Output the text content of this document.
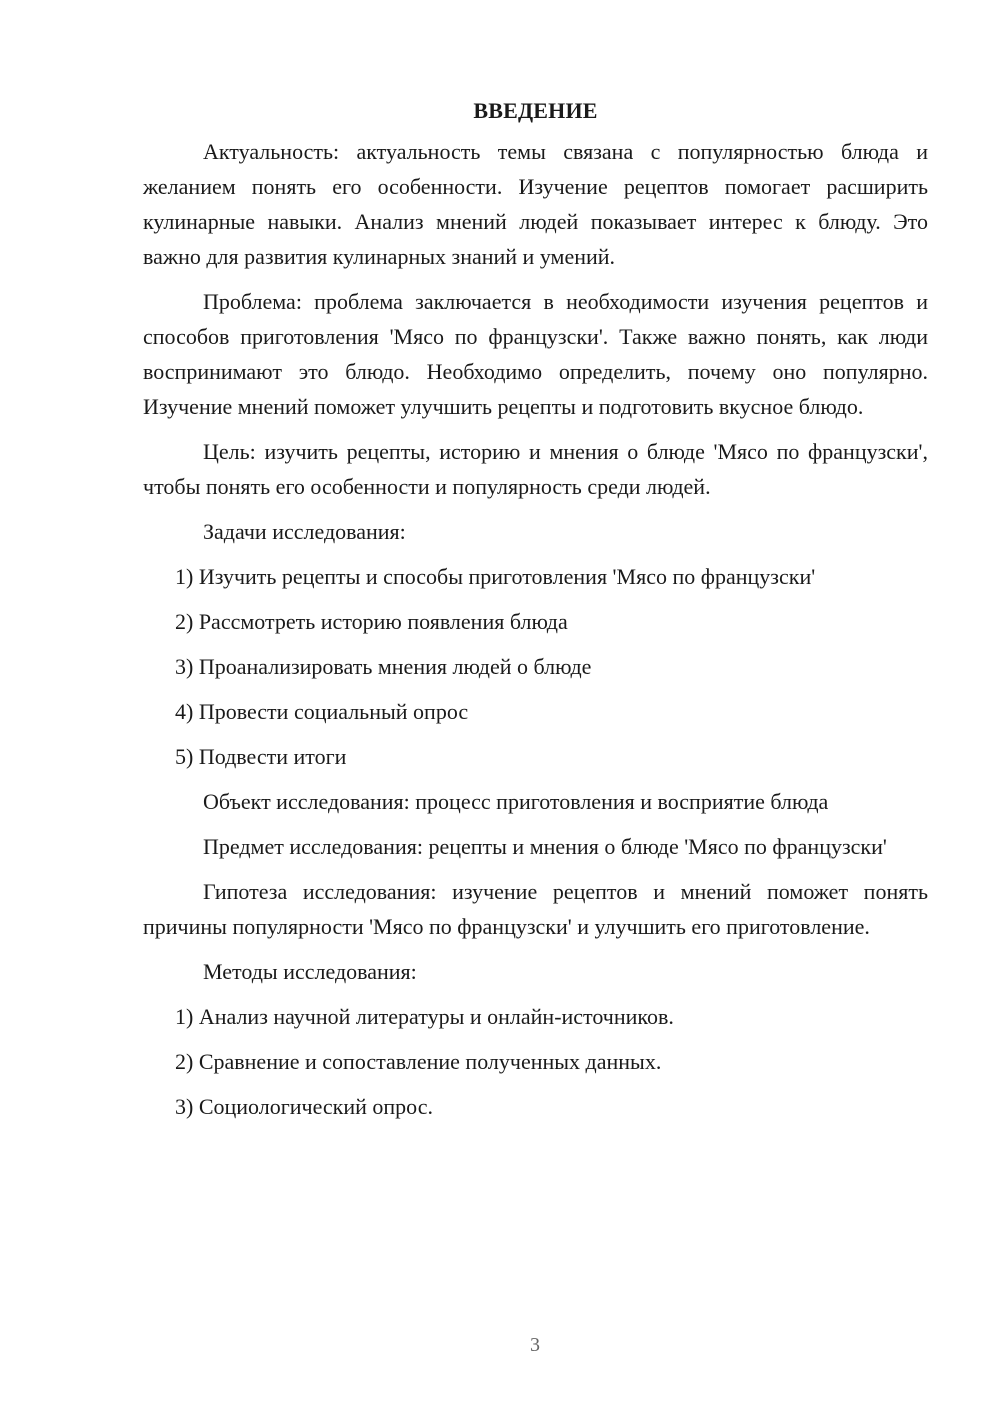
ВВЕДЕНИЕ

Актуальность: актуальность темы связана с популярностью блюда и желанием понять его особенности. Изучение рецептов помогает расширить кулинарные навыки. Анализ мнений людей показывает интерес к блюду. Это важно для развития кулинарных знаний и умений.

Проблема: проблема заключается в необходимости изучения рецептов и способов приготовления 'Мясо по французски'. Также важно понять, как люди воспринимают это блюдо. Необходимо определить, почему оно популярно. Изучение мнений поможет улучшить рецепты и подготовить вкусное блюдо.

Цель: изучить рецепты, историю и мнения о блюде 'Мясо по французски', чтобы понять его особенности и популярность среди людей.

Задачи исследования:

1) Изучить рецепты и способы приготовления 'Мясо по французски'
2) Рассмотреть историю появления блюда
3) Проанализировать мнения людей о блюде
4) Провести социальный опрос
5) Подвести итоги

Объект исследования: процесс приготовления и восприятие блюда

Предмет исследования: рецепты и мнения о блюде 'Мясо по французски'

Гипотеза исследования: изучение рецептов и мнений поможет понять причины популярности 'Мясо по французски' и улучшить его приготовление.

Методы исследования:

1) Анализ научной литературы и онлайн-источников.
2) Сравнение и сопоставление полученных данных.
3) Социологический опрос.
3
